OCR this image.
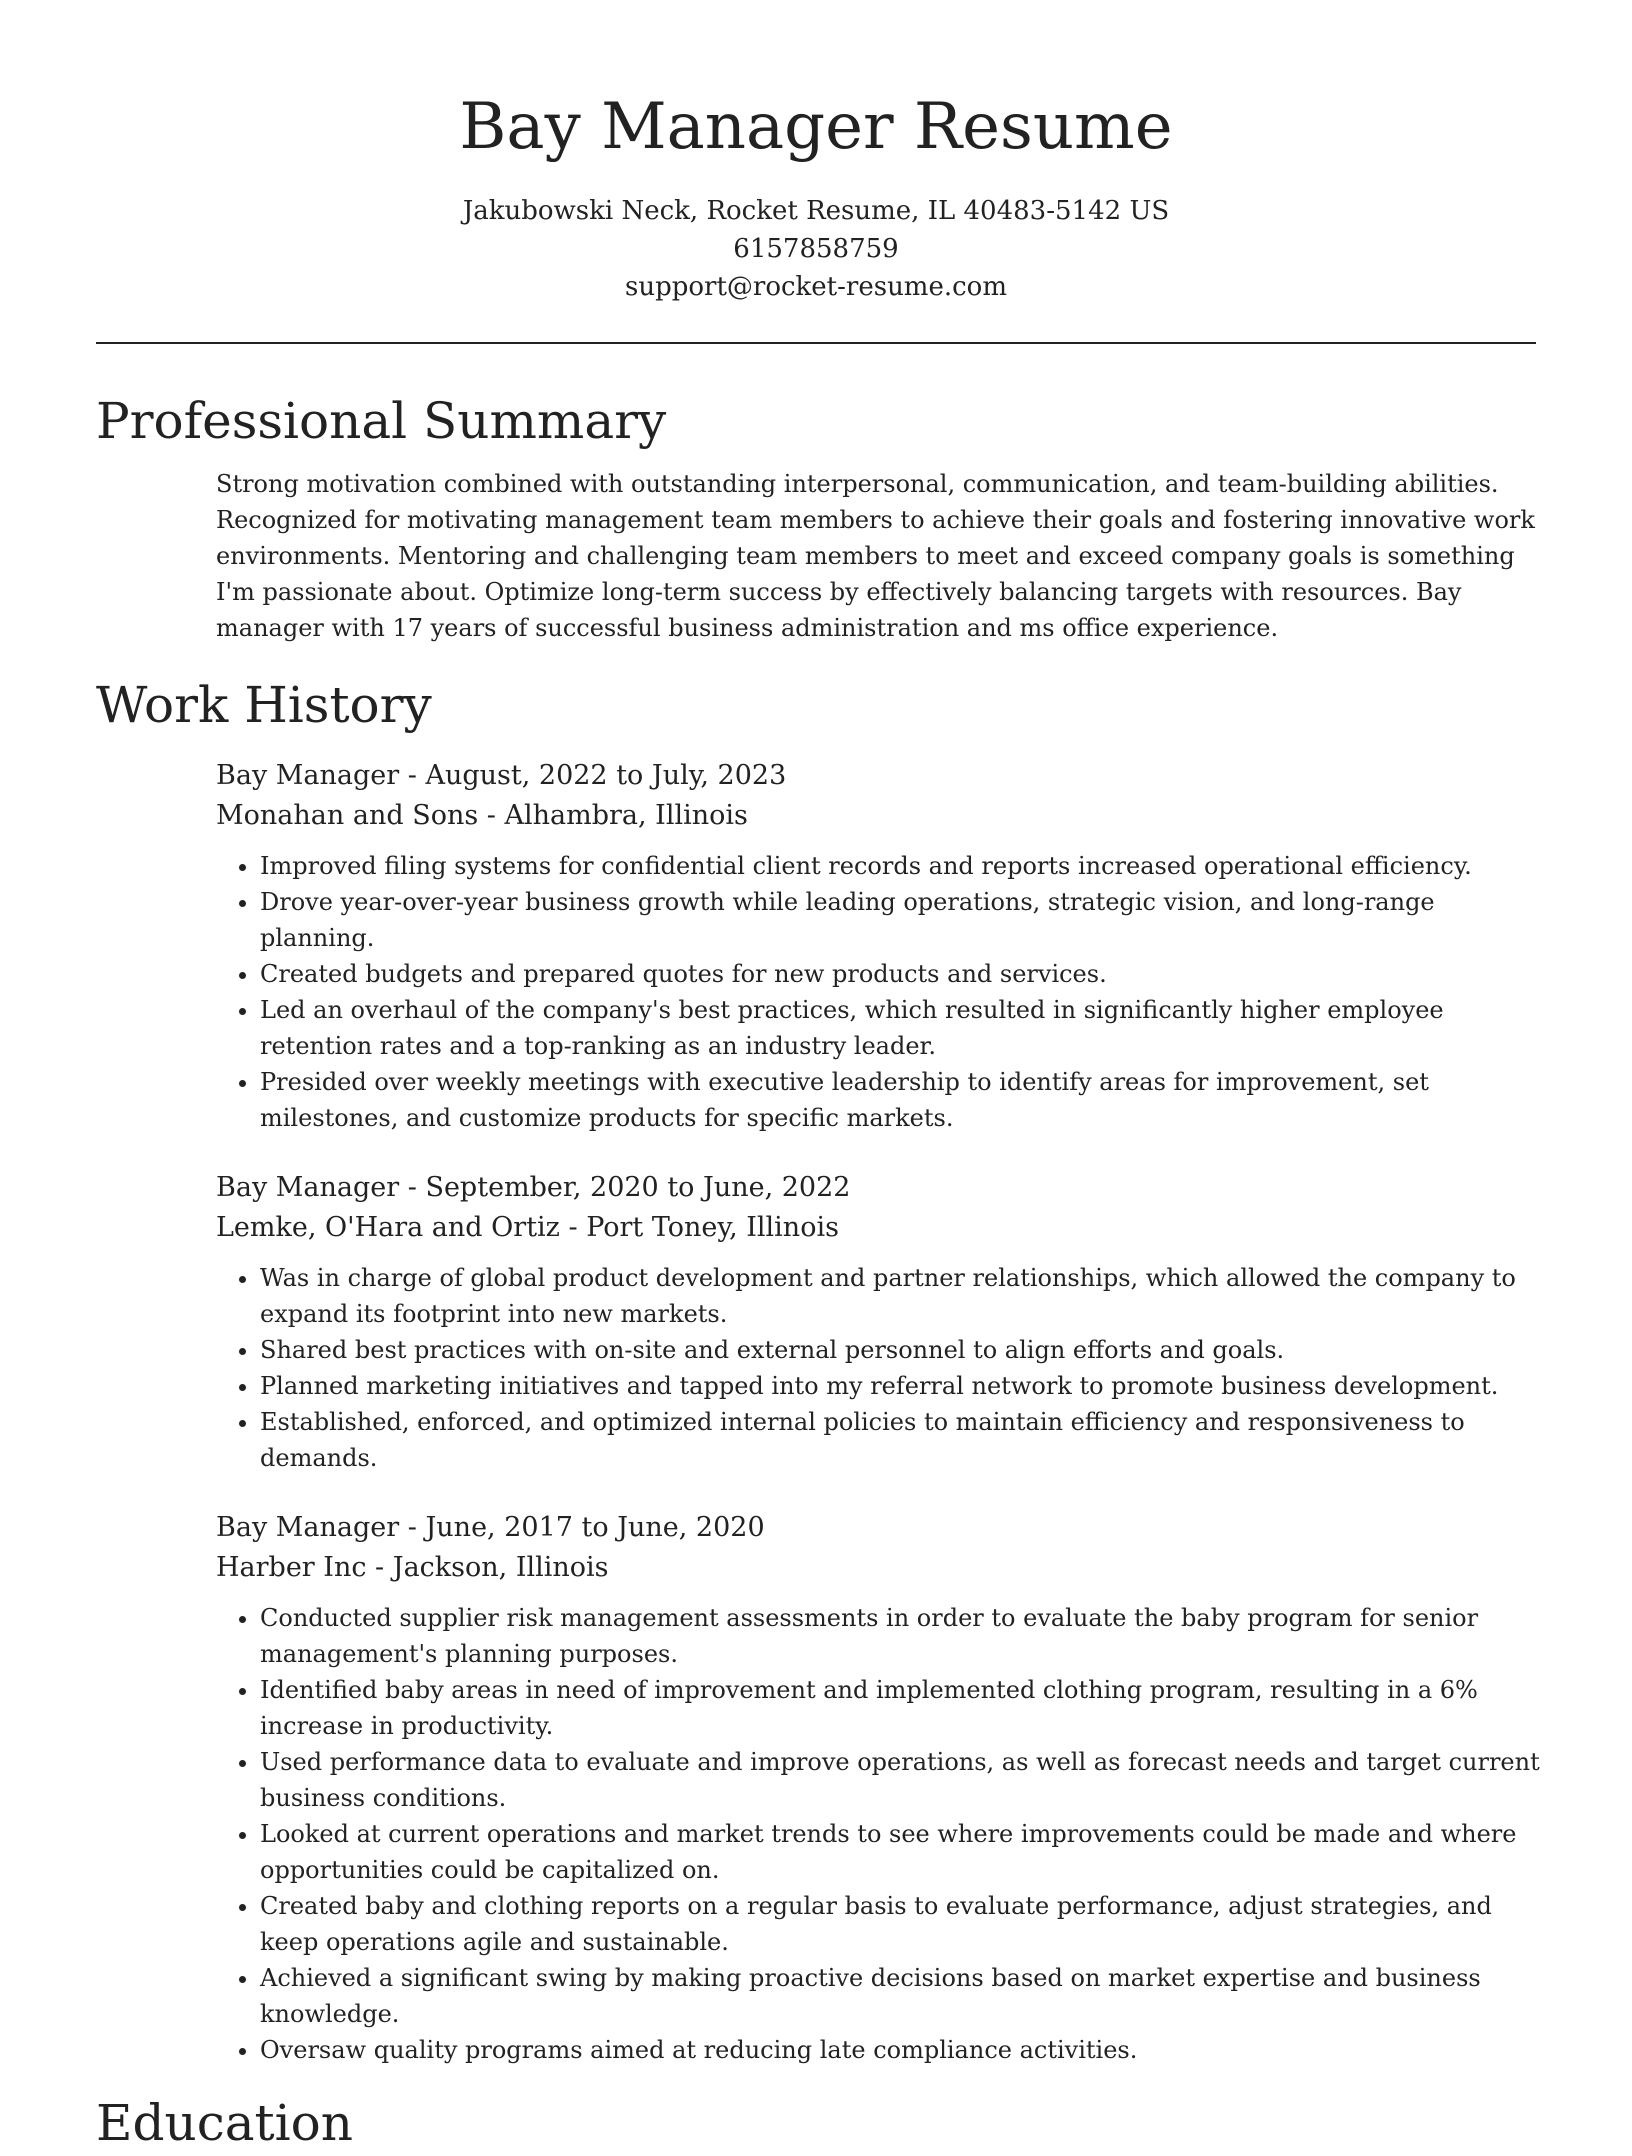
Bay Manager Resume
Jakubowski Neck, Rocket Resume, IL 40483-5142 US
6157858759
support@rocket-resume.com
Professional Summary

Strong motivation combined with outstanding interpersonal, communication, and team-building abilities. Recognized for motivating management team members to achieve their goals and fostering innovative work environments. Mentoring and challenging team members to meet and exceed company goals is something I'm passionate about. Optimize long-term success by effectively balancing targets with resources. Bay manager with 17 years of successful business administration and ms office experience.

Work History
Bay Manager - August, 2022 to July, 2023
Monahan and Sons - Alhambra, Illinois
• Improved filing systems for confidential client records and reports increased operational efficiency.
• Drove year-over-year business growth while leading operations, strategic vision, and long-range planning.
• Created budgets and prepared quotes for new products and services.
• Led an overhaul of the company's best practices, which resulted in significantly higher employee retention rates and a top-ranking as an industry leader.
• Presided over weekly meetings with executive leadership to identify areas for improvement, set milestones, and customize products for specific markets.
Bay Manager - September, 2020 to June, 2022
Lemke, O'Hara and Ortiz - Port Toney, Illinois
• Was in charge of global product development and partner relationships, which allowed the company to expand its footprint into new markets.
• Shared best practices with on-site and external personnel to align efforts and goals.
• Planned marketing initiatives and tapped into my referral network to promote business development.
• Established, enforced, and optimized internal policies to maintain efficiency and responsiveness to demands.
Bay Manager - June, 2017 to June, 2020
Harber Inc - Jackson, Illinois
• Conducted supplier risk management assessments in order to evaluate the baby program for senior management's planning purposes.
• Identified baby areas in need of improvement and implemented clothing program, resulting in a 6% increase in productivity.
• Used performance data to evaluate and improve operations, as well as forecast needs and target current business conditions.
• Looked at current operations and market trends to see where improvements could be made and where opportunities could be capitalized on.
• Created baby and clothing reports on a regular basis to evaluate performance, adjust strategies, and keep operations agile and sustainable.
• Achieved a significant swing by making proactive decisions based on market expertise and business knowledge.
• Oversaw quality programs aimed at reducing late compliance activities.
Education
